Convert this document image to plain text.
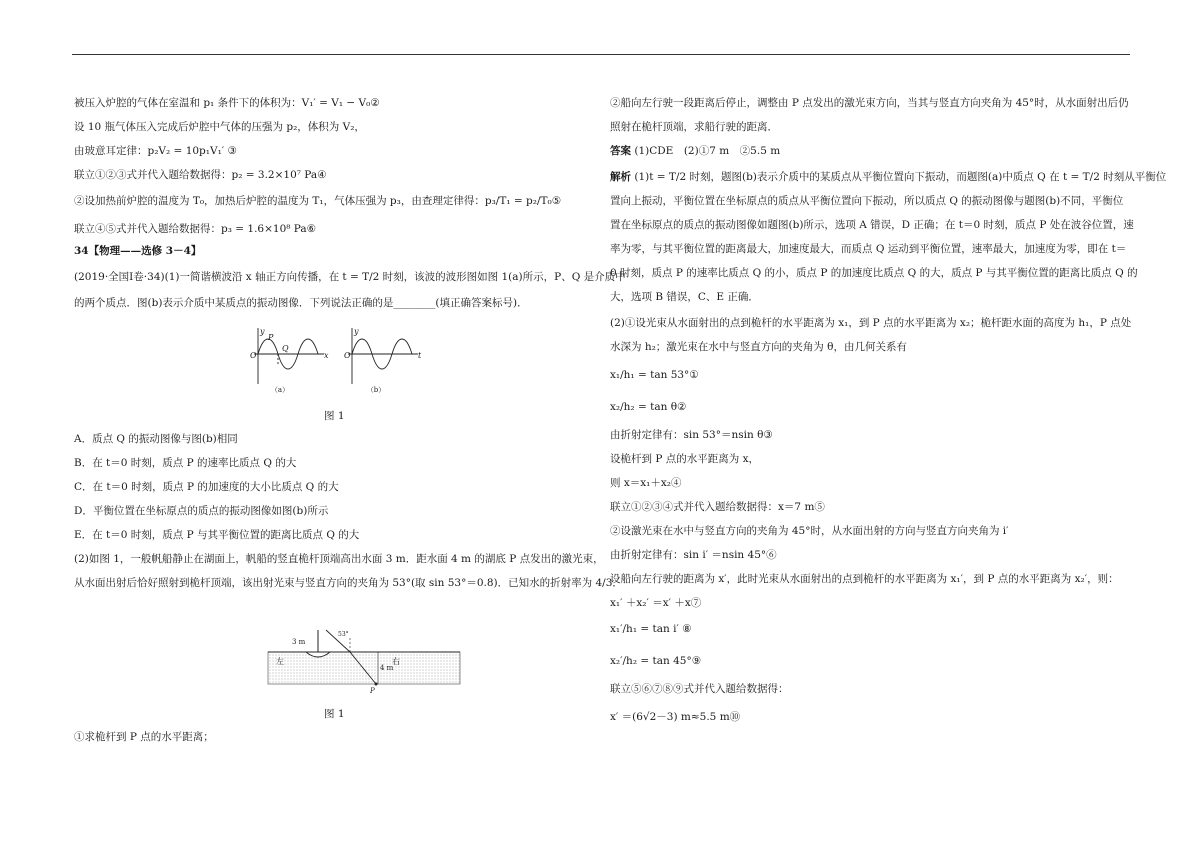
被压入炉腔的气体在室温和 p₁ 条件下的体积为：V₁′ = V₁ − V₀②
设 10 瓶气体压入完成后炉腔中气体的压强为 p₂，体积为 V₂，
由玻意耳定律：p₂V₂ = 10p₁V₁′ ③
联立①②③式并代入题给数据得：p₂ = 3.2×10⁷ Pa④
②设加热前炉腔的温度为 T₀，加热后炉腔的温度为 T₁，气体压强为 p₃，由查理定律得：p₃/T₁ = p₂/T₀⑤
联立④⑤式并代入题给数据得：p₃ = 1.6×10⁸ Pa⑥
34【物理——选修 3－4】
(2019·全国Ⅰ卷·34)(1)一简谐横波沿 x 轴正方向传播，在 t = T/2 时刻，该波的波形图如图 1(a)所示，P、Q 是介质中
的两个质点．图(b)表示介质中某质点的振动图像．下列说法正确的是________(填正确答案标号)．
y
O
P
Q
x
y
O	t
（a）	（b）
图 1
A．质点 Q 的振动图像与图(b)相同
B．在 t＝0 时刻，质点 P 的速率比质点 Q 的大
C．在 t＝0 时刻，质点 P 的加速度的大小比质点 Q 的大
D．平衡位置在坐标原点的质点的振动图像如图(b)所示
E．在 t＝0 时刻，质点 P 与其平衡位置的距离比质点 Q 的大
(2)如图 1，一般帆船静止在湖面上，帆船的竖直桅杆顶端高出水面 3 m．距水面 4 m 的湖底 P 点发出的激光束，
从水面出射后恰好照射到桅杆顶端，该出射光束与竖直方向的夹角为 53°(取 sin 53°＝0.8)．已知水的折射率为 4/3．
左	右
3 m
4 m
53°
P
图 1
①求桅杆到 P 点的水平距离；
②船向左行驶一段距离后停止，调整由 P 点发出的激光束方向，当其与竖直方向夹角为 45°时，从水面射出后仍
照射在桅杆顶端，求船行驶的距离．
答案 (1)CDE　(2)①7 m　②5.5 m
解析 (1)t = T/2 时刻，题图(b)表示介质中的某质点从平衡位置向下振动，而题图(a)中质点 Q 在 t = T/2 时刻从平衡位
置向上振动，平衡位置在坐标原点的质点从平衡位置向下振动，所以质点 Q 的振动图像与题图(b)不同，平衡位
置在坐标原点的质点的振动图像如题图(b)所示，选项 A 错误，D 正确；在 t＝0 时刻，质点 P 处在波谷位置，速
率为零，与其平衡位置的距离最大，加速度最大，而质点 Q 运动到平衡位置，速率最大，加速度为零，即在 t＝
0 时刻，质点 P 的速率比质点 Q 的小，质点 P 的加速度比质点 Q 的大，质点 P 与其平衡位置的距离比质点 Q 的
大，选项 B 错误，C、E 正确．
(2)①设光束从水面射出的点到桅杆的水平距离为 x₁，到 P 点的水平距离为 x₂；桅杆距水面的高度为 h₁，P 点处
水深为 h₂；激光束在水中与竖直方向的夹角为 θ，由几何关系有
x₁/h₁ = tan 53°①
x₂/h₂ = tan θ②
由折射定律有：sin 53°＝nsin θ③
设桅杆到 P 点的水平距离为 x，
则 x＝x₁＋x₂④
联立①②③④式并代入题给数据得：x＝7 m⑤
②设激光束在水中与竖直方向的夹角为 45°时，从水面出射的方向与竖直方向夹角为 i′
由折射定律有：sin i′ ＝nsin 45°⑥
设船向左行驶的距离为 x′，此时光束从水面射出的点到桅杆的水平距离为 x₁′，到 P 点的水平距离为 x₂′，则：
x₁′ ＋x₂′ ＝x′ ＋x⑦
x₁′/h₁ = tan i′ ⑧
x₂′/h₂ = tan 45°⑨
联立⑤⑥⑦⑧⑨式并代入题给数据得：
x′ ＝(6√2－3) m≈5.5 m⑩
